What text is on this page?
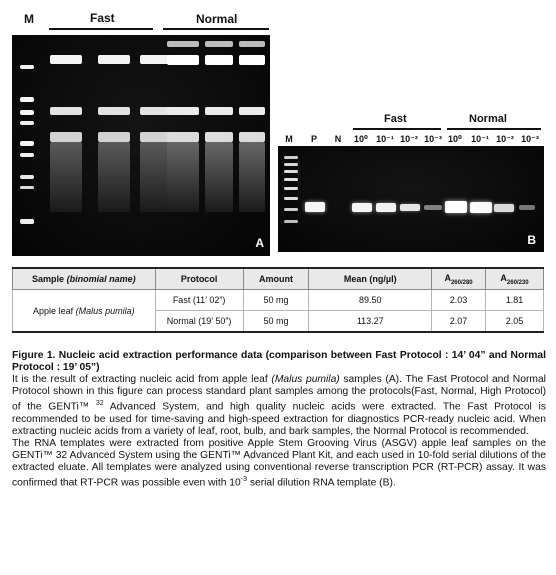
M	Fast	Normal
A
Fast	Normal
M	P	N	10⁰ 10⁻¹ 10⁻² 10⁻³ 10⁰	10⁻¹ 10⁻² 10⁻³
B
Sample (binomial name)	Protocol	Amount	Mean (ng/µl)	$A_{260/280}$	$A_{260/230}$
Apple leaf (Malus pumila)	Fast (11’ 02”)	50 mg	89.50	2.03	1.81
	Normal (19’ 50”)	50 mg	113.27	2.07	2.05

Figure 1. Nucleic acid extraction performance data (comparison between Fast Protocol : 14’ 04” and Normal Protocol : 19’ 05”)

It is the result of extracting nucleic acid from apple leaf (Malus pumila) samples (A). The Fast Protocol and Normal Protocol shown in this figure can process standard plant samples among the protocols(Fast, Normal, High Protocol) of the GENTi™ $^{32}$ Advanced System, and high quality nucleic acids were extracted. The Fast Protocol is recommended to be used for time-saving and high-speed extraction for diagnostics PCR-ready nucleic acid. When extracting nucleic acids from a variety of leaf, root, bulb, and bark samples, the Normal Protocol is recommended.

The RNA templates were extracted from positive Apple Stem Grooving Virus (ASGV) apple leaf samples on the GENTi™ 32 Advanced System using the GENTi™ Advanced Plant Kit, and each used in 10-fold serial dilutions of the extracted eluate. All templates were analyzed using conventional reverse transcription PCR (RT-PCR) assay. It was confirmed that RT-PCR was possible even with $10^{-3}$ serial dilution RNA template (B).
